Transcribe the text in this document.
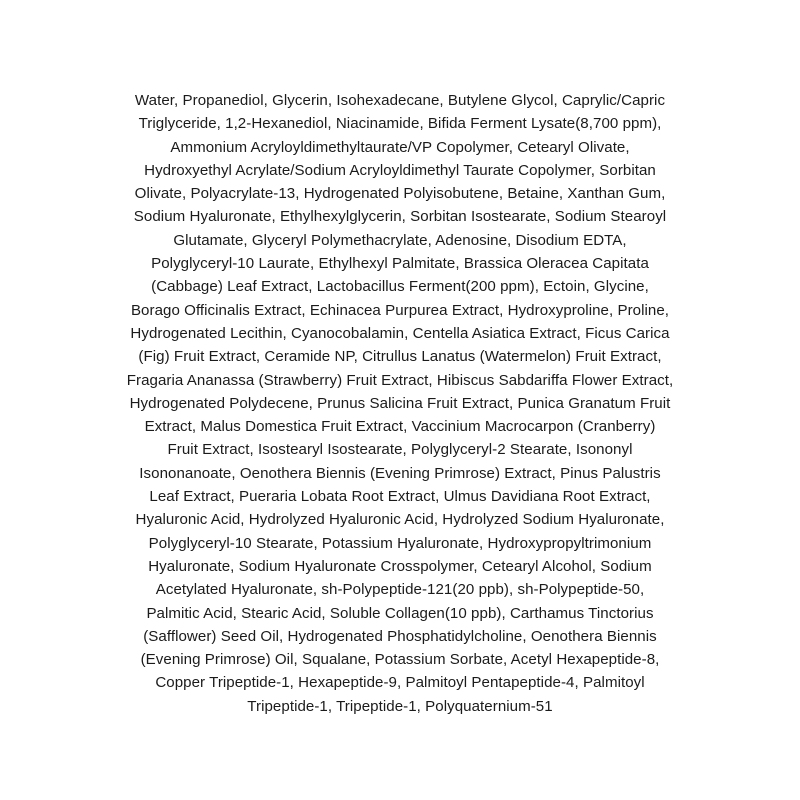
Water, Propanediol, Glycerin, Isohexadecane, Butylene Glycol, Caprylic/Capric
Triglyceride, 1,2-Hexanediol, Niacinamide, Bifida Ferment Lysate(8,700 ppm),
Ammonium Acryloyldimethyltaurate/VP Copolymer, Cetearyl Olivate,
Hydroxyethyl Acrylate/Sodium Acryloyldimethyl Taurate Copolymer, Sorbitan
Olivate, Polyacrylate-13, Hydrogenated Polyisobutene, Betaine, Xanthan Gum,
Sodium Hyaluronate, Ethylhexylglycerin, Sorbitan Isostearate, Sodium Stearoyl
Glutamate, Glyceryl Polymethacrylate, Adenosine, Disodium EDTA,
Polyglyceryl-10 Laurate, Ethylhexyl Palmitate, Brassica Oleracea Capitata
(Cabbage) Leaf Extract, Lactobacillus Ferment(200 ppm), Ectoin, Glycine,
Borago Officinalis Extract, Echinacea Purpurea Extract, Hydroxyproline, Proline,
Hydrogenated Lecithin, Cyanocobalamin, Centella Asiatica Extract, Ficus Carica
(Fig) Fruit Extract, Ceramide NP, Citrullus Lanatus (Watermelon) Fruit Extract,
Fragaria Ananassa (Strawberry) Fruit Extract, Hibiscus Sabdariffa Flower Extract,
Hydrogenated Polydecene, Prunus Salicina Fruit Extract, Punica Granatum Fruit
Extract, Malus Domestica Fruit Extract, Vaccinium Macrocarpon (Cranberry)
Fruit Extract, Isostearyl Isostearate, Polyglyceryl-2 Stearate, Isononyl
Isononanoate, Oenothera Biennis (Evening Primrose) Extract, Pinus Palustris
Leaf Extract, Pueraria Lobata Root Extract, Ulmus Davidiana Root Extract,
Hyaluronic Acid, Hydrolyzed Hyaluronic Acid, Hydrolyzed Sodium Hyaluronate,
Polyglyceryl-10 Stearate, Potassium Hyaluronate, Hydroxypropyltrimonium
Hyaluronate, Sodium Hyaluronate Crosspolymer, Cetearyl Alcohol, Sodium
Acetylated Hyaluronate, sh-Polypeptide-121(20 ppb), sh-Polypeptide-50,
Palmitic Acid, Stearic Acid, Soluble Collagen(10 ppb), Carthamus Tinctorius
(Safflower) Seed Oil, Hydrogenated Phosphatidylcholine, Oenothera Biennis
(Evening Primrose) Oil, Squalane, Potassium Sorbate, Acetyl Hexapeptide-8,
Copper Tripeptide-1, Hexapeptide-9, Palmitoyl Pentapeptide-4, Palmitoyl
Tripeptide-1, Tripeptide-1, Polyquaternium-51
